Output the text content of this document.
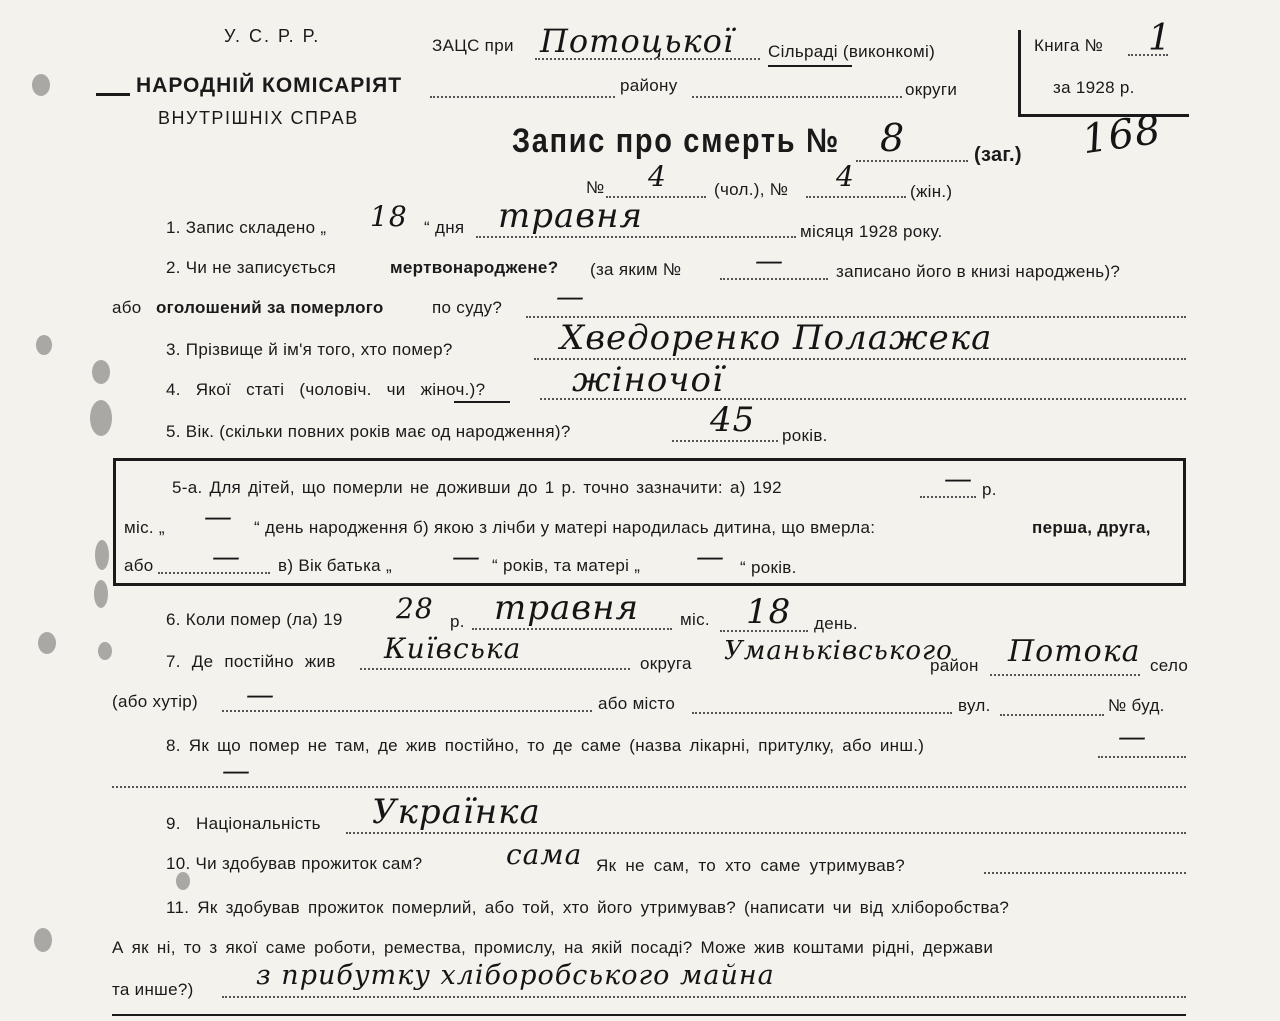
У. С. Р. Р.
НАРОДНІЙ КОМІСАРІЯТ
ВНУТРІШНІХ СПРАВ
ЗАЦС при Потоцької Сільраді (виконкомі)
району	округи
Книга № 1
за 1928 р.
168
Запис про смерть № 8	(заг.)
№ 4	(чол.), № 4	(жін.)
1. Запис складено „ 18 “ дня травня	місяця 1928 року.
2. Чи не записується	мертвонароджене? (за яким №	—	записано його в книзі народжень)?
або оголошений за померлого	по суду? —
3. Прізвище й ім'я того, хто помер?	Хведоренко Полажека
4. Якої статі (чоловіч. чи жіноч.)?	жіночої
5. Вік. (скільки повних років має од народження)?	45 років.
5-а. Для дітей, що померли не доживши до 1 р. точно зазначити: а) 192	— р.
міс. „ — “ день народження б) якою з лічби у матері народилась дитина, що вмерла:	перша, друга,
або — в) Вік батька „ — “ років, та матері „ — “ років.
6. Коли помер (ла) 19 28 р. травня міс. 18 день.
7. Де постійно жив Київська	округа Уманьківського
район Потока село
(або хутір) —	або місто	вул.	№ буд.
8. Як що помер не там, де жив постійно, то де саме (назва лікарні, притулку, або инш.)	—
—
9. Національність Українка
10. Чи здобував прожиток сам?	сама Як не сам, то хто саме утримував?
11. Як здобував прожиток померлий, або той, хто його утримував? (написати чи від хліборобства?
А як ні, то з якої саме роботи, ремества, промислу, на якій посаді? Може жив коштами рідні, держави
та инше?) з прибутку хліборобського майна
